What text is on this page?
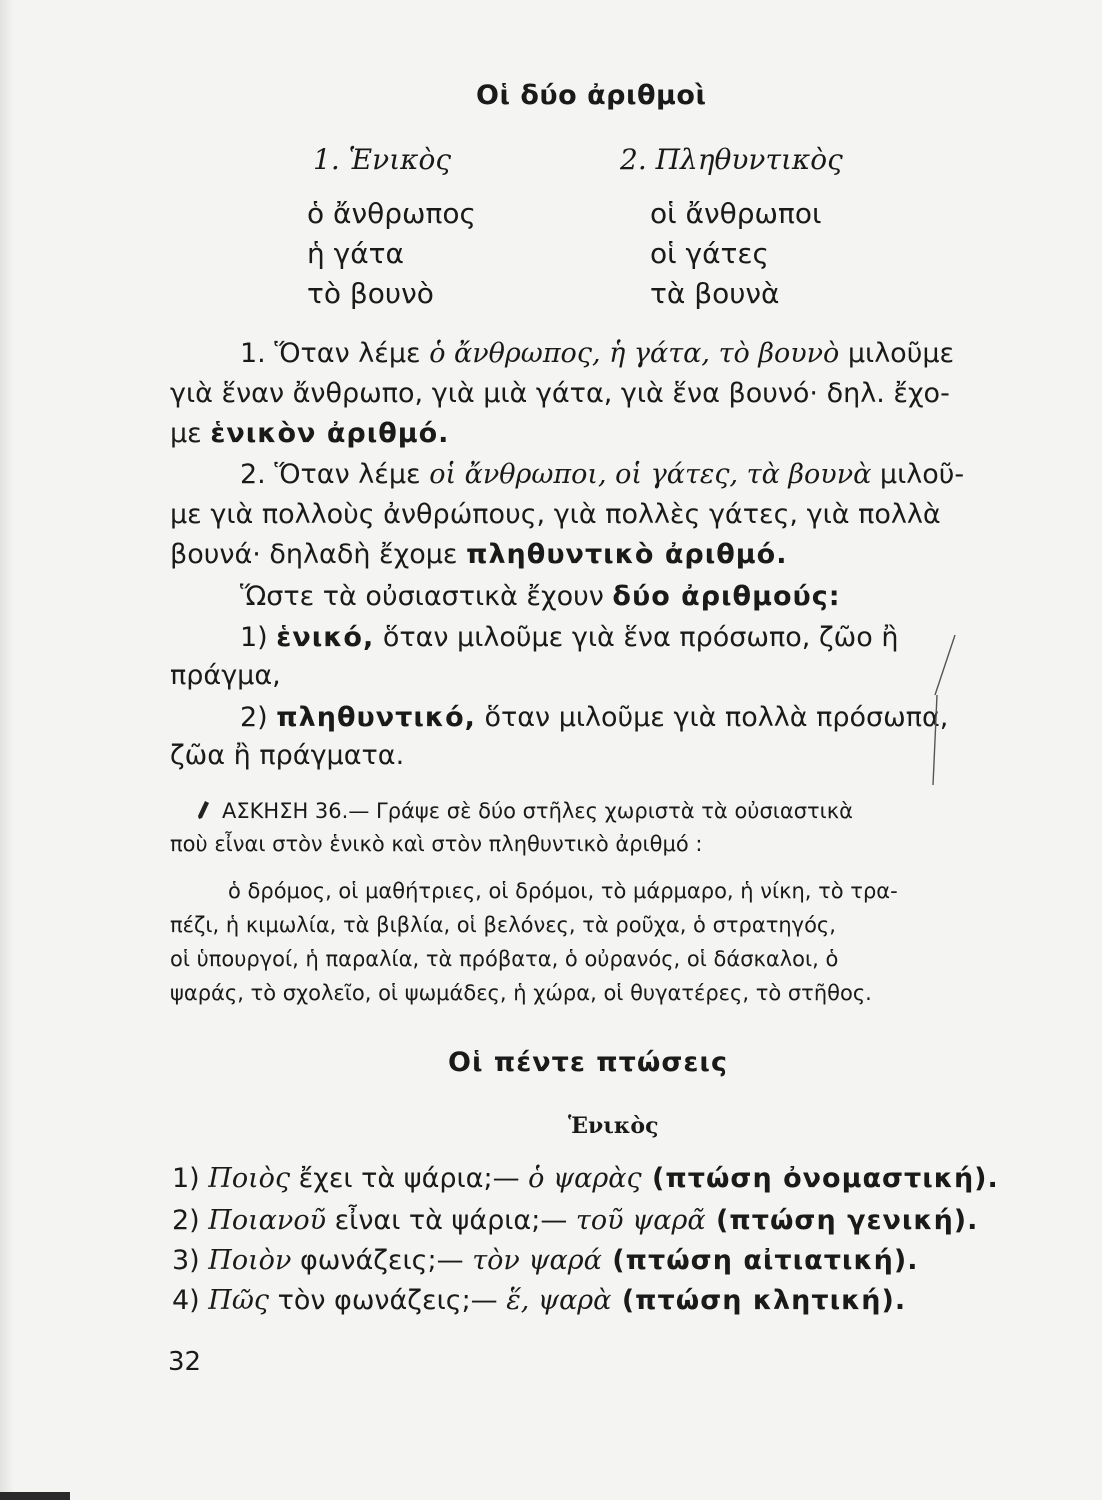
Οἱ δύο ἀριθμοὶ
1. Ἑνικὸς	2. Πληθυντικὸς
ὁ ἄνθρωπος
ἡ γάτα
τὸ βουνὸ
οἱ ἄνθρωποι
οἱ γάτες
τὰ βουνὰ
1. Ὅταν λέμε ὁ ἄνθρωπος, ἡ γάτα, τὸ βουνὸ μιλοῦμε
γιὰ ἕναν ἄνθρωπο, γιὰ μιὰ γάτα, γιὰ ἕνα βουνό· δηλ. ἔχο-
με ἑνικὸν ἀριθμό.
2. Ὅταν λέμε οἱ ἄνθρωποι, οἱ γάτες, τὰ βουνὰ μιλοῦ-
με γιὰ πολλοὺς ἀνθρώπους, γιὰ πολλὲς γάτες, γιὰ πολλὰ
βουνά· δηλαδὴ ἔχομε πληθυντικὸ ἀριθμό.
Ὥστε τὰ οὐσιαστικὰ ἔχουν δύο ἀριθμούς:
1) ἑνικό, ὅταν μιλοῦμε γιὰ ἕνα πρόσωπο, ζῶο ἢ
πράγμα,
2) πληθυντικό, ὅταν μιλοῦμε γιὰ πολλὰ πρόσωπα,
ζῶα ἢ πράγματα.
ΑΣΚΗΣΗ 36.— Γράψε σὲ δύο στῆλες χωριστὰ τὰ οὐσιαστικὰ
ποὺ εἶναι στὸν ἑνικὸ καὶ στὸν πληθυντικὸ ἀριθμό :
ὁ δρόμος, οἱ μαθήτριες, οἱ δρόμοι, τὸ μάρμαρο, ἡ νίκη, τὸ τρα-
πέζι, ἡ κιμωλία, τὰ βιβλία, οἱ βελόνες, τὰ ροῦχα, ὁ στρατηγός,
οἱ ὑπουργοί, ἡ παραλία, τὰ πρόβατα, ὁ οὐρανός, οἱ δάσκαλοι, ὁ
ψαράς, τὸ σχολεῖο, οἱ ψωμάδες, ἡ χώρα, οἱ θυγατέρες, τὸ στῆθος.
Οἱ πέντε πτώσεις
Ἑνικὸς
1) Ποιὸς ἔχει τὰ ψάρια;— ὁ ψαρὰς (πτώση ὀνομαστική).
2) Ποιανοῦ εἶναι τὰ ψάρια;— τοῦ ψαρᾶ (πτώση γενική).
3) Ποιὸν φωνάζεις;— τὸν ψαρά (πτώση αἰτιατική).
4) Πῶς τὸν φωνάζεις;— ἕ, ψαρὰ (πτώση κλητική).
32
